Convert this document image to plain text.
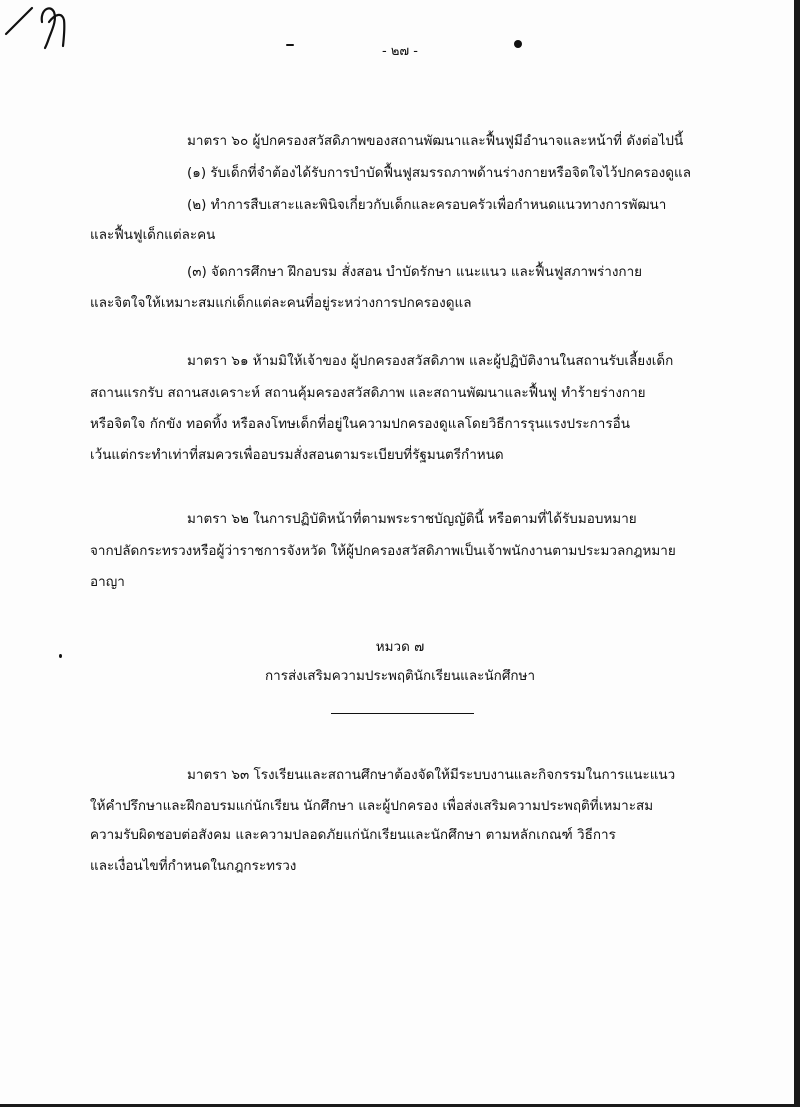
- ๒๗ -
มาตรา ๖๐ ผู้ปกครองสวัสดิภาพของสถานพัฒนาและฟื้นฟูมีอำนาจและหน้าที่ ดังต่อไปนี้
(๑) รับเด็กที่จำต้องได้รับการบำบัดฟื้นฟูสมรรถภาพด้านร่างกายหรือจิตใจไว้ปกครองดูแล
(๒) ทำการสืบเสาะและพินิจเกี่ยวกับเด็กและครอบครัวเพื่อกำหนดแนวทางการพัฒนา
และฟื้นฟูเด็กแต่ละคน
(๓) จัดการศึกษา ฝึกอบรม สั่งสอน บำบัดรักษา แนะแนว และฟื้นฟูสภาพร่างกาย
และจิตใจให้เหมาะสมแก่เด็กแต่ละคนที่อยู่ระหว่างการปกครองดูแล
มาตรา ๖๑ ห้ามมิให้เจ้าของ ผู้ปกครองสวัสดิภาพ และผู้ปฏิบัติงานในสถานรับเลี้ยงเด็ก
สถานแรกรับ สถานสงเคราะห์ สถานคุ้มครองสวัสดิภาพ และสถานพัฒนาและฟื้นฟู ทำร้ายร่างกาย
หรือจิตใจ กักขัง ทอดทิ้ง หรือลงโทษเด็กที่อยู่ในความปกครองดูแลโดยวิธีการรุนแรงประการอื่น
เว้นแต่กระทำเท่าที่สมควรเพื่ออบรมสั่งสอนตามระเบียบที่รัฐมนตรีกำหนด
มาตรา ๖๒ ในการปฏิบัติหน้าที่ตามพระราชบัญญัตินี้ หรือตามที่ได้รับมอบหมาย
จากปลัดกระทรวงหรือผู้ว่าราชการจังหวัด ให้ผู้ปกครองสวัสดิภาพเป็นเจ้าพนักงานตามประมวลกฎหมาย
อาญา
หมวด ๗
การส่งเสริมความประพฤตินักเรียนและนักศึกษา
มาตรา ๖๓ โรงเรียนและสถานศึกษาต้องจัดให้มีระบบงานและกิจกรรมในการแนะแนว
ให้คำปรึกษาและฝึกอบรมแก่นักเรียน นักศึกษา และผู้ปกครอง เพื่อส่งเสริมความประพฤติที่เหมาะสม
ความรับผิดชอบต่อสังคม และความปลอดภัยแก่นักเรียนและนักศึกษา ตามหลักเกณฑ์ วิธีการ
และเงื่อนไขที่กำหนดในกฎกระทรวง
